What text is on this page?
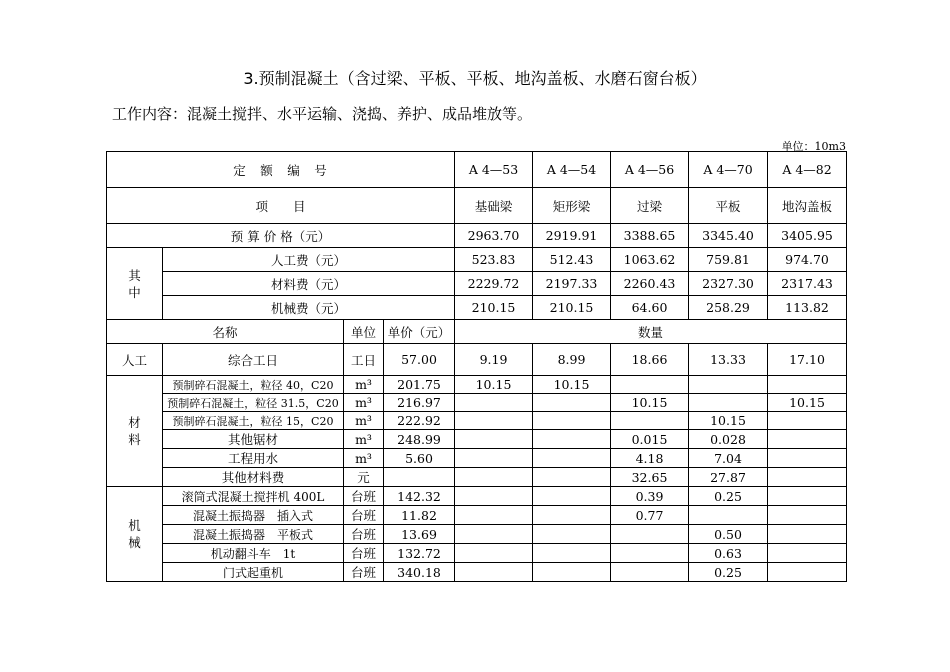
3.预制混凝土（含过梁、平板、平板、地沟盖板、水磨石窗台板）
工作内容：混凝土搅拌、水平运输、浇捣、养护、成品堆放等。
单位：10m3
定　额　编　号				A 4—53	A 4—54	A 4—56	A 4—70	A 4—82
项　　目				基础梁	矩形梁	过梁	平板	地沟盖板
预 算 价 格（元）				2963.70	2919.91	3388.65	3345.40	3405.95
其
中	人工费（元）			523.83	512.43	1063.62	759.81	974.70
	材料费（元）			2229.72	2197.33	2260.43	2327.30	2317.43
	机械费（元）			210.15	210.15	64.60	258.29	113.82
名称		单位	单价（元）	数量				
人工	综合工日	工日	57.00	9.19	8.99	18.66	13.33	17.10
材
料	预制碎石混凝土，粒径 40，C20	m³	201.75	10.15	10.15			
	预制碎石混凝土，粒径 31.5，C20	m³	216.97			10.15		10.15
	预制碎石混凝土，粒径 15，C20	m³	222.92				10.15	
	其他锯材	m³	248.99			0.015	0.028	
	工程用水	m³	5.60			4.18	7.04	
	其他材料费	元				32.65	27.87	
机
械	滚筒式混凝土搅拌机 400L	台班	142.32			0.39	0.25	
	混凝土振捣器　插入式	台班	11.82			0.77		
	混凝土振捣器　平板式	台班	13.69				0.50	
	机动翻斗车　1t	台班	132.72				0.63	
	门式起重机	台班	340.18				0.25	
